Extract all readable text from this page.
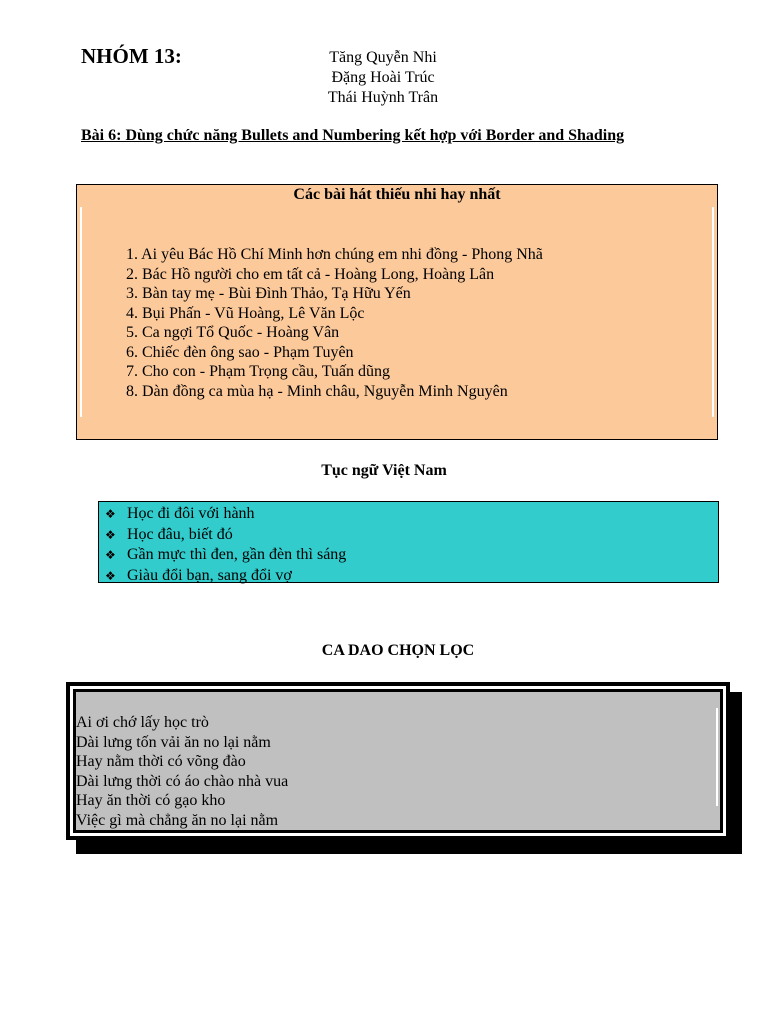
NHÓM 13:	Tăng Quyễn Nhi
Đặng Hoài Trúc
Thái Huỳnh Trân
Bài 6: Dùng chức năng Bullets and Numbering kết hợp với Border and Shading
Các bài hát thiếu nhi hay nhất
1. Ai yêu Bác Hồ Chí Minh hơn chúng em nhi đồng - Phong Nhã
2. Bác Hồ người cho em tất cả - Hoàng Long, Hoàng Lân
3. Bàn tay mẹ - Bùi Đình Thảo, Tạ Hữu Yến
4. Bụi Phấn - Vũ Hoàng, Lê Văn Lộc
5. Ca ngợi Tổ Quốc - Hoàng Vân
6. Chiếc đèn ông sao - Phạm Tuyên
7. Cho con - Phạm Trọng cầu, Tuấn dũng
8. Dàn đồng ca mùa hạ - Minh châu, Nguyễn Minh Nguyên
Tục ngữ Việt Nam
❖ Học đi đôi với hành
❖ Học đâu, biết đó
❖ Gần mực thì đen, gần đèn thì sáng
❖ Giàu đổi bạn, sang đổi vợ
CA DAO CHỌN LỌC
Ai ơi chớ lấy học trò
Dài lưng tốn vải ăn no lại nằm
Hay nằm thời có võng đào
Dài lưng thời có áo chào nhà vua
Hay ăn thời có gạo kho
Việc gì mà chẳng ăn no lại nằm
